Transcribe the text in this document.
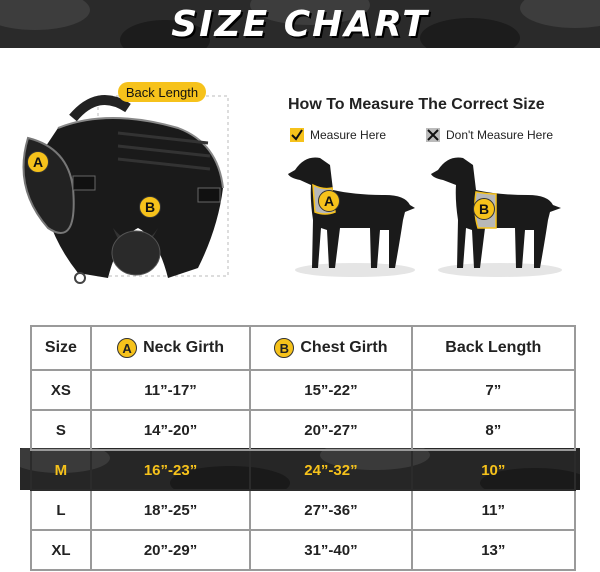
SIZE CHART
Back Length
A
B
How To Measure The Correct Size
Measure Here	Don't Measure Here
A	B
Size	A Neck Girth	B Chest Girth	Back Length
XS	11”-17”	15”-22”	7”
S	14”-20”	20”-27”	8”
M	16”-23”	24”-32”	10”
L	18”-25”	27”-36”	11”
XL	20”-29”	31”-40”	13”
